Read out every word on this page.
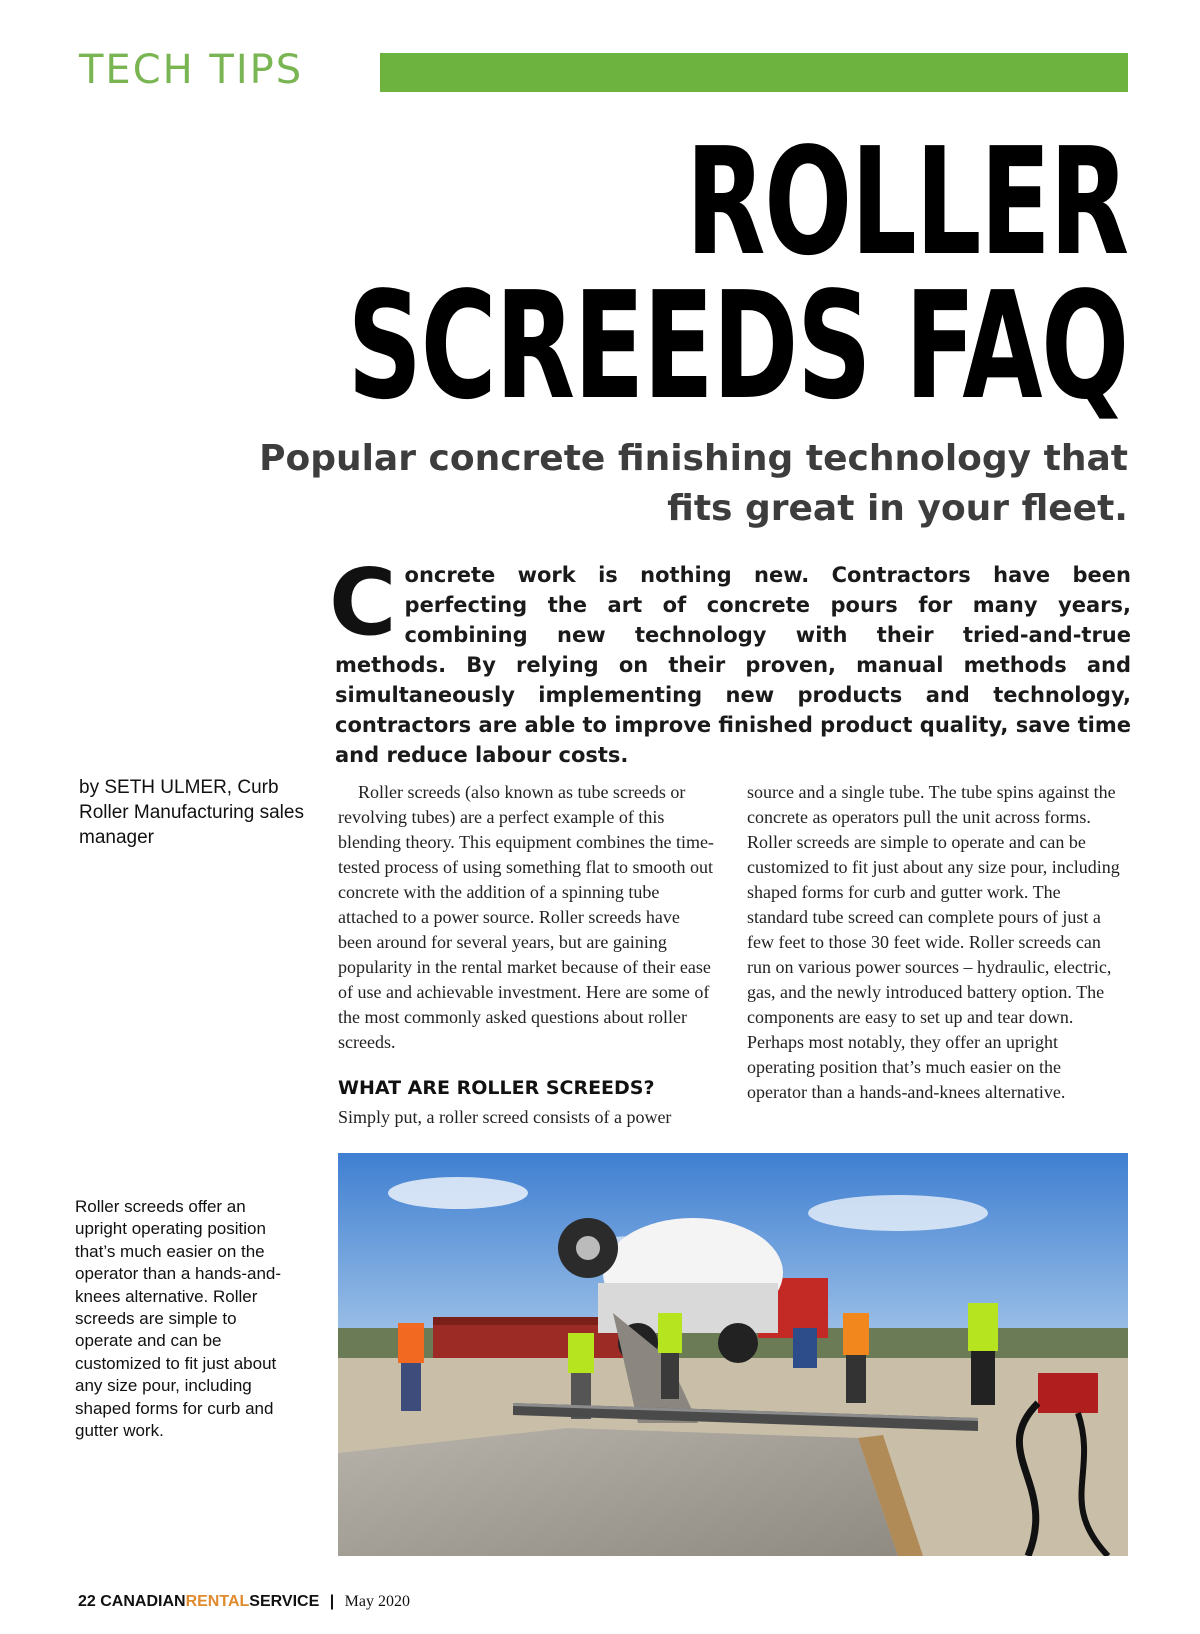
TECH TIPS
ROLLER
SCREEDS FAQ
Popular concrete finishing technology that fits great in your fleet.
Concrete work is nothing new. Contractors have been perfecting the art of concrete pours for many years, combining new technology with their tried-and-true methods. By relying on their proven, manual methods and simultaneously implementing new products and technology, contractors are able to improve finished product quality, save time and reduce labour costs.
by SETH ULMER, Curb Roller Manufacturing sales manager

Roller screeds (also known as tube screeds or revolving tubes) are a perfect example of this blending theory. This equipment combines the time-tested process of using something flat to smooth out concrete with the addition of a spinning tube attached to a power source. Roller screeds have been around for several years, but are gaining popularity in the rental market because of their ease of use and achievable investment. Here are some of the most commonly asked questions about roller screeds.

WHAT ARE ROLLER SCREEDS?

Simply put, a roller screed consists of a power

source and a single tube. The tube spins against the concrete as operators pull the unit across forms. Roller screeds are simple to operate and can be customized to fit just about any size pour, including shaped forms for curb and gutter work. The standard tube screed can complete pours of just a few feet to those 30 feet wide. Roller screeds can run on various power sources – hydraulic, electric, gas, and the newly introduced battery option. The components are easy to set up and tear down. Perhaps most notably, they offer an upright operating position that’s much easier on the operator than a hands-and-knees alternative.

Roller screeds offer an upright operating position that’s much easier on the operator than a hands-and-knees alternative. Roller screeds are simple to operate and can be customized to fit just about any size pour, including shaped forms for curb and gutter work.
22 CANADIANRENTALSERVICE | May 2020
